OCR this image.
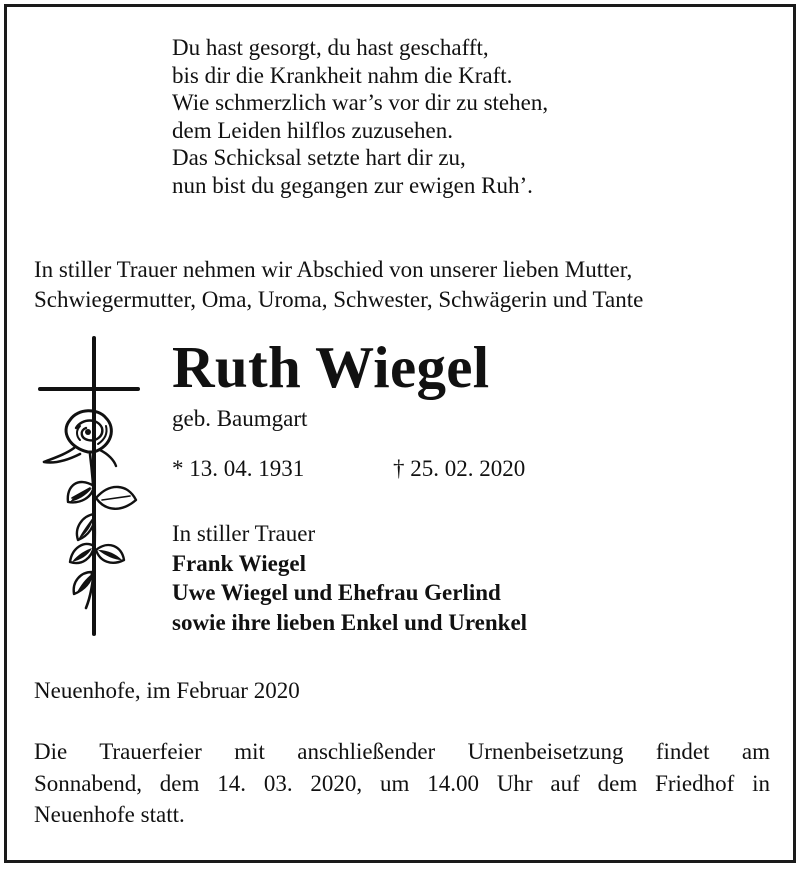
Du hast gesorgt, du hast geschafft,
bis dir die Krankheit nahm die Kraft.
Wie schmerzlich war’s vor dir zu stehen,
dem Leiden hilflos zuzusehen.
Das Schicksal setzte hart dir zu,
nun bist du gegangen zur ewigen Ruh’.
In stiller Trauer nehmen wir Abschied von unserer lieben Mutter,
Schwiegermutter, Oma, Uroma, Schwester, Schwägerin und Tante
Ruth Wiegel
geb. Baumgart
* 13. 04. 1931	† 25. 02. 2020
In stiller Trauer
Frank Wiegel
Uwe Wiegel und Ehefrau Gerlind
sowie ihre lieben Enkel und Urenkel
Neuenhofe, im Februar 2020
Die Trauerfeier mit anschließender Urnenbeisetzung findet am
Sonnabend, dem 14. 03. 2020, um 14.00 Uhr auf dem Friedhof in
Neuenhofe statt.
